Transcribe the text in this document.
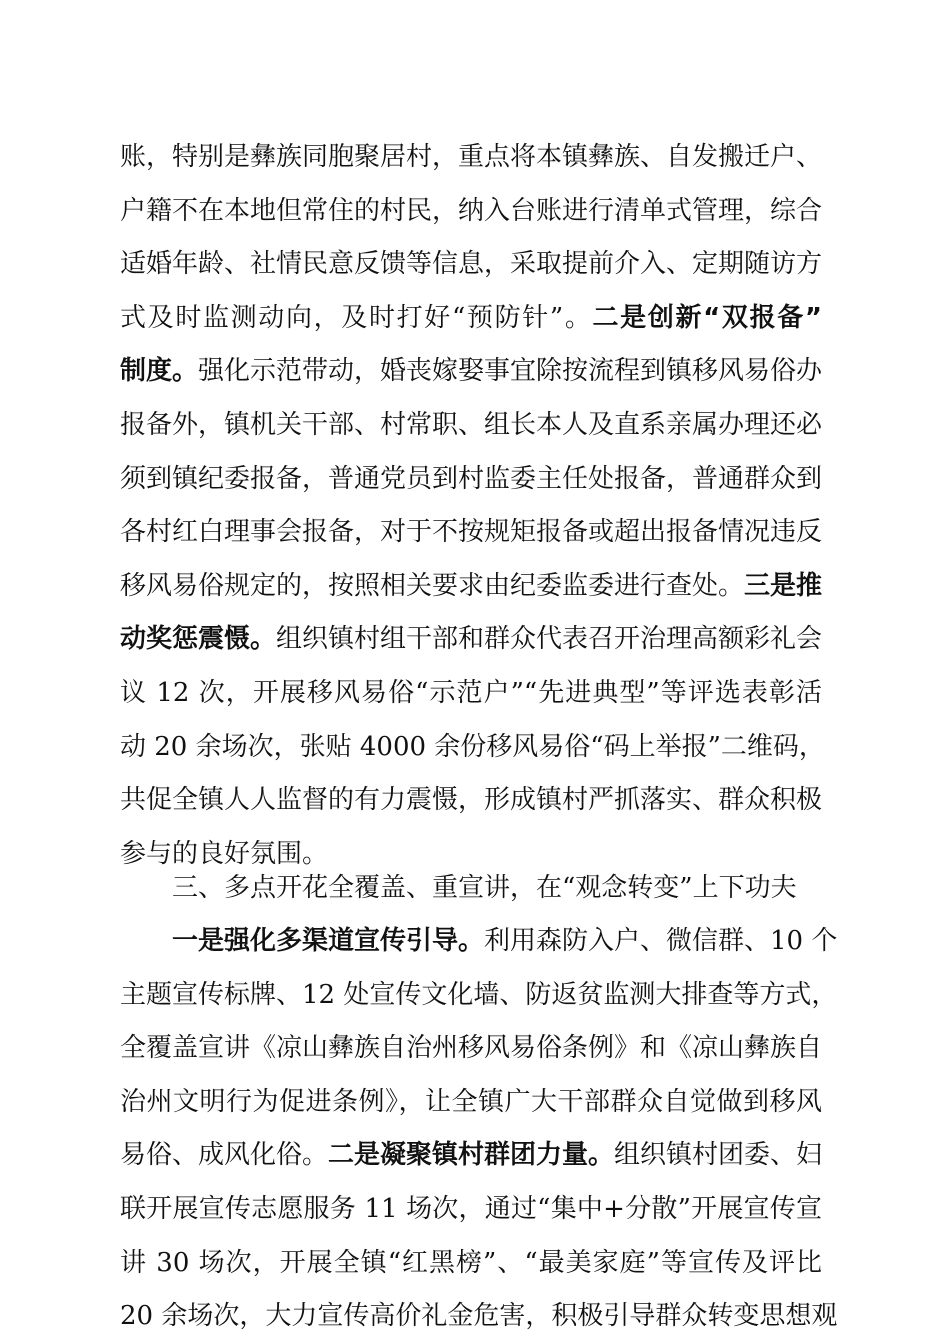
账，特别是彝族同胞聚居村，重点将本镇彝族、自发搬迁户、
户籍不在本地但常住的村民，纳入台账进行清单式管理，综合
适婚年龄、社情民意反馈等信息，采取提前介入、定期随访方
式及时监测动向，及时打好“预防针”。二是创新“双报备”
制度。强化示范带动，婚丧嫁娶事宜除按流程到镇移风易俗办
报备外，镇机关干部、村常职、组长本人及直系亲属办理还必
须到镇纪委报备，普通党员到村监委主任处报备，普通群众到
各村红白理事会报备，对于不按规矩报备或超出报备情况违反
移风易俗规定的，按照相关要求由纪委监委进行查处。三是推
动奖惩震慑。组织镇村组干部和群众代表召开治理高额彩礼会
议 12 次，开展移风易俗“示范户”“先进典型”等评选表彰活
动 20 余场次，张贴 4000 余份移风易俗“码上举报”二维码，
共促全镇人人监督的有力震慑，形成镇村严抓落实、群众积极
参与的良好氛围。
三、多点开花全覆盖、重宣讲，在“观念转变”上下功夫
一是强化多渠道宣传引导。利用森防入户、微信群、10 个
主题宣传标牌、12 处宣传文化墙、防返贫监测大排查等方式，
全覆盖宣讲《凉山彝族自治州移风易俗条例》和《凉山彝族自
治州文明行为促进条例》，让全镇广大干部群众自觉做到移风
易俗、成风化俗。二是凝聚镇村群团力量。组织镇村团委、妇
联开展宣传志愿服务 11 场次，通过“集中+分散”开展宣传宣
讲 30 场次，开展全镇“红黑榜”、“最美家庭”等宣传及评比
20 余场次，大力宣传高价礼金危害，积极引导群众转变思想观
